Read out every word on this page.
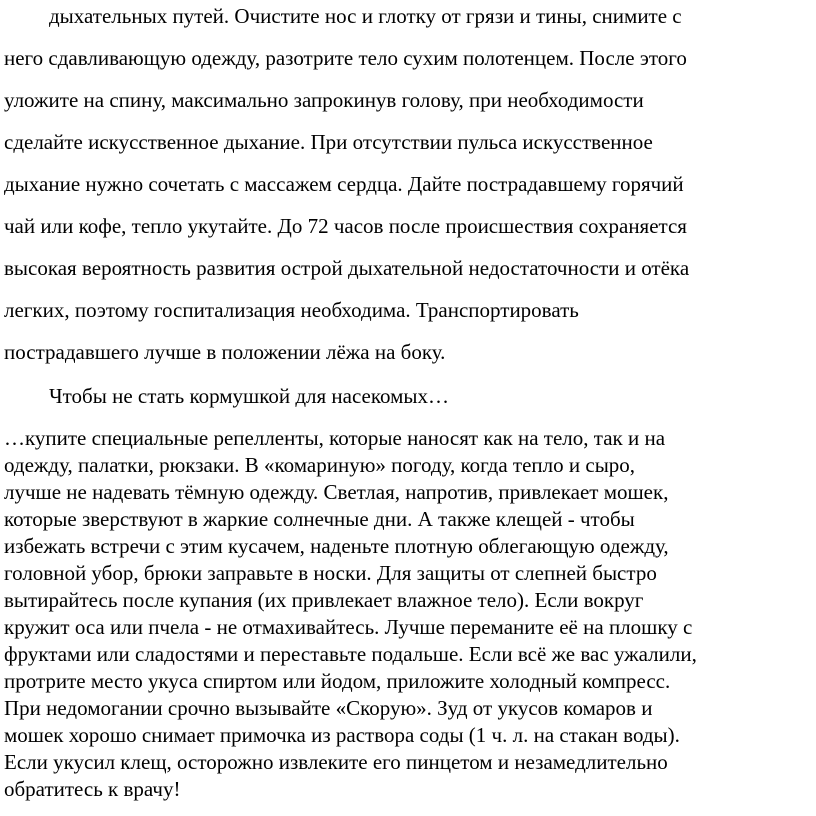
дыхательных путей. Очистите нос и глотку от грязи и тины, снимите с
него сдавливающую одежду, разотрите тело сухим полотенцем. После этого
уложите на спину, максимально запрокинув голову, при необходимости
сделайте искусственное дыхание. При отсутствии пульса искусственное
дыхание нужно сочетать с массажем сердца. Дайте пострадавшему горячий
чай или кофе, тепло укутайте. До 72 часов после происшествия сохраняется
высокая вероятность развития острой дыхательной недостаточности и отёка
легких, поэтому госпитализация необходима. Транспортировать
пострадавшего лучше в положении лёжа на боку.
Чтобы не стать кормушкой для насекомых…
…купите специальные репелленты, которые наносят как на тело, так и на
одежду, палатки, рюкзаки. В «комариную» погоду, когда тепло и сыро,
лучше не надевать тёмную одежду. Светлая, напротив, привлекает мошек,
которые зверствуют в жаркие солнечные дни. А также клещей - чтобы
избежать встречи с этим кусачем, наденьте плотную облегающую одежду,
головной убор, брюки заправьте в носки. Для защиты от слепней быстро
вытирайтесь после купания (их привлекает влажное тело). Если вокруг
кружит оса или пчела - не отмахивайтесь. Лучше переманите её на плошку с
фруктами или сладостями и переставьте подальше. Если всё же вас ужалили,
протрите место укуса спиртом или йодом, приложите холодный компресс.
При недомогании срочно вызывайте «Скорую». Зуд от укусов комаров и
мошек хорошо снимает примочка из раствора соды (1 ч. л. на стакан воды).
Если укусил клещ, осторожно извлеките его пинцетом и незамедлительно
обратитесь к врачу!
